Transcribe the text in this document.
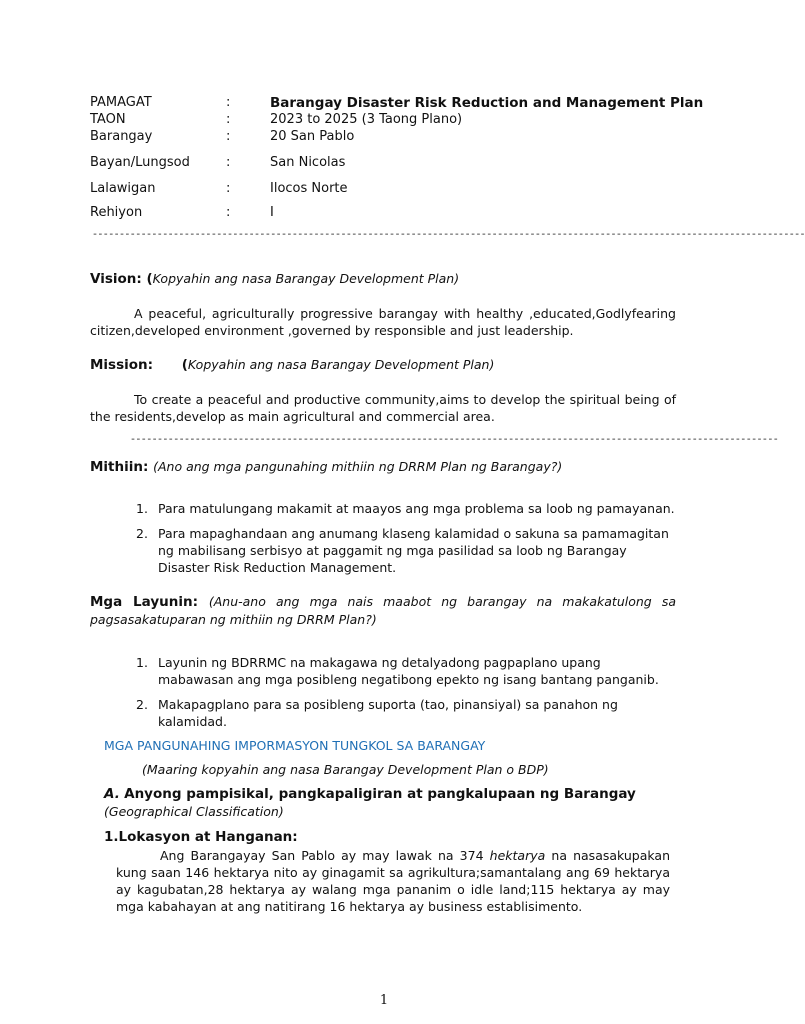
PAMAGAT	:	Barangay Disaster Risk Reduction and Management Plan
TAON	:	2023 to 2025 (3 Taong Plano)
Barangay	:	20 San Pablo
Bayan/Lungsod	:	San Nicolas
Lalawigan	:	Ilocos Norte
Rehiyon	:	I
------------------------------------------------------------------------------------------------------------------------------------
Vision: (Kopyahin ang nasa Barangay Development Plan)
A peaceful, agriculturally progressive barangay with healthy ,educated,Godlyfearing citizen,developed environment ,governed by responsible and just leadership.
Mission: (Kopyahin ang nasa Barangay Development Plan)
To create a peaceful and productive community,aims to develop the spiritual being of the residents,develop as main agricultural and commercial area.
------------------------------------------------------------------------------------------------------------------------
Mithiin: (Ano ang mga pangunahing mithiin ng DRRM Plan ng Barangay?)
1. Para matulungang makamit at maayos ang mga problema sa loob ng pamayanan.
2. Para mapaghandaan ang anumang klaseng kalamidad o sakuna sa pamamagitan ng mabilisang serbisyo at paggamit ng mga pasilidad sa loob ng Barangay Disaster Risk Reduction Management.
Mga Layunin: (Anu-ano ang mga nais maabot ng barangay na makakatulong sa pagsasakatuparan ng mithiin ng DRRM Plan?)
1. Layunin ng BDRRMC na makagawa ng detalyadong pagpaplano upang mabawasan ang mga posibleng negatibong epekto ng isang bantang panganib.
2. Makapagplano para sa posibleng suporta (tao, pinansiyal) sa panahon ng kalamidad.
MGA PANGUNAHING IMPORMASYON TUNGKOL SA BARANGAY
(Maaring kopyahin ang nasa Barangay Development Plan o BDP)
A. Anyong pampisikal, pangkapaligiran at pangkalupaan ng Barangay (Geographical Classification)
1.Lokasyon at Hanganan:
Ang Barangayay San Pablo ay may lawak na 374 hektarya na nasasakupakan kung saan 146 hektarya nito ay ginagamit sa agrikultura;samantalang ang 69 hektarya ay kagubatan,28 hektarya ay walang mga pananim o idle land;115 hektarya ay may mga kabahayan at ang natitirang 16 hektarya ay business establisimento.
1
